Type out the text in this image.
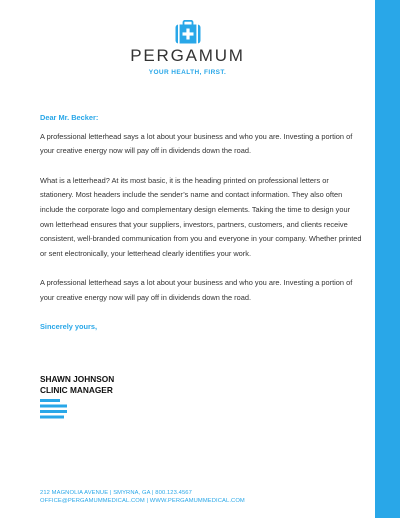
PERGAMUM
YOUR HEALTH, FIRST.
Dear Mr. Becker:

A professional letterhead says a lot about your business and who you are. Investing a portion of your creative energy now will pay off in dividends down the road.

What is a letterhead? At its most basic, it is the heading printed on professional letters or stationery. Most headers include the sender’s name and contact information. They also often include the corporate logo and complementary design elements. Taking the time to design your own letterhead ensures that your suppliers, investors, partners, customers, and clients receive consistent, well-branded communication from you and everyone in your company. Whether printed or sent electronically, your letterhead clearly identifies your work.

A professional letterhead says a lot about your business and who you are. Investing a portion of your creative energy now will pay off in dividends down the road.

Sincerely yours,
SHAWN JOHNSON
CLINIC MANAGER
212 MAGNOLIA AVENUE | SMYRNA, GA | 800.123.4567
OFFICE@PERGAMUMMEDICAL.COM | WWW.PERGAMUMMEDICAL.COM
